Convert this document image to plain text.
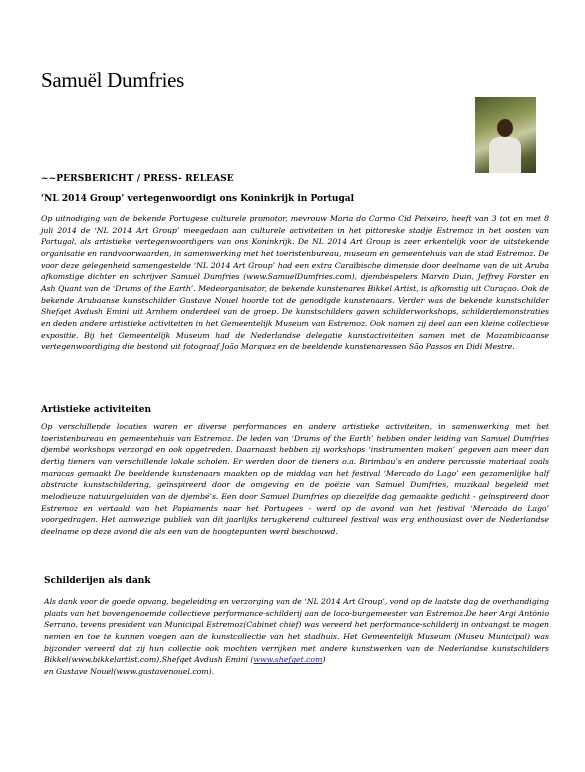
Samuël Dumfries
~~PERSBERICHT / PRESS- RELEASE
‘NL 2014 Group’ vertegenwoordigt ons Koninkrijk in Portugal
Op uitnodiging van de bekende Portugese culturele promotor, mevrouw Maria do Carmo Cid Peixeiro, heeft van 3 tot en met 8 juli 2014 de ‘NL 2014 Art Group’ meegedaan aan culturele activiteiten in het pittoreske stadje Estremoz in het oosten van Portugal, als artistieke vertegenwoordigers van ons Koninkrijk. De NL 2014 Art Group is zeer erkentelijk voor de uitstekende organisatie en randvoorwaarden, in samenwerking met het toeristenbureau, museum en gemeentehuis van de stad Estremoz. De voor deze gelegenheid samengestelde ‘NL 2014 Art Group’ had een extra Caraïbische dimensie door deelname van de uit Aruba afkomstige dichter en schrijver Samuel Dumfries (www.SamuelDumfries.com), djembéspelers Marvin Duin, Jeffrey Forster en Ash Quant van de ‘Drums of the Earth’. Medeorganisator, de bekende kunstenares Bikkel Artist, is afkomstig uit Curaçao. Ook de bekende Arubaanse kunstschilder Gustave Nouel hoorde tot de genodigde kunstenaars. Verder was de bekende kunstschilder Shefqet Avdush Emini uit Arnhem onderdeel van de groep. De kunstschilders gaven schilderworkshops, schilderdemonstraties en deden andere artistieke activiteiten in het Gemeentelijk Museum van Estremoz. Ook namen zij deel aan een kleine collectieve expositie. Bij het Gemeentelijk Museum had de Nederlandse delegatie kunstactiviteiten samen met de Mozambicaanse vertegenwoordiging die bestond uit fotograaf João Marquez en de beeldende kunstenaressen São Passos en Didi Mestre.
Artistieke activiteiten
Op verschillende locaties waren er diverse performances en andere artistieke activiteiten, in samenwerking met het toeristenbureau en gemeentehuis van Estremoz. De leden van ‘Drums of the Earth’ hebben onder leiding van Samuel Dumfries djembé workshops verzorgd en ook opgetreden. Daarnaast hebben zij workshops ‘instrumenten maken’ gegeven aan meer dan dertig tieners van verschillende lokale scholen. Er werden door de tieners o.a. Birimbau’s en andere percussie materiaal zoals maracas gemaakt De beeldende kunstenaars maakten op de middag van het festival ‘Mercado do Lago’ een gezamenlijke half abstracte kunstschildering, geïnspireerd door de omgeving en de poëzie van Samuel Dumfries, muzikaal begeleid met melodieuze natuurgeluiden van de djembé’s. Een door Samuel Dumfries op diezelfde dag gemaakte gedicht - geïnspireerd door Estremoz en vertaald van het Papiaments naar het Portugees - werd op de avond van het festival ‘Mercado do Lago’ voorgedragen. Het aanwezige publiek van dit jaarlijks terugkerend cultureel festival was erg enthousiast over de Nederlandse deelname op deze avond die als een van de hoogtepunten werd beschouwd.
Schilderijen als dank
Als dank voor de goede opvang, begeleiding en verzorging van de ‘NL 2014 Art Group’, vond op de laatste dag de overhandiging plaats van het bovengenoemde collectieve performance-schilderij aan de loco-burgemeester van Estremoz.De heer Argi António Serrano, tevens president van Municipal Estremoz(Cabinet chief) was vereerd het performance-schilderij in ontvangst te mogen nemen en toe te kunnen voegen aan de kunstcollectie van het stadhuis. Het Gemeentelijk Museum (Museu Municipal) was bijzonder vereerd dat zij hun collectie ook mochten verrijken met andere kunstwerken van de Nederlandse kunstschilders Bikkel(www.bikkelartist.com),Shefqet Avdush Emini (www.shefqet.com)
en Gustave Nouel(www.gustavenouel.com).
